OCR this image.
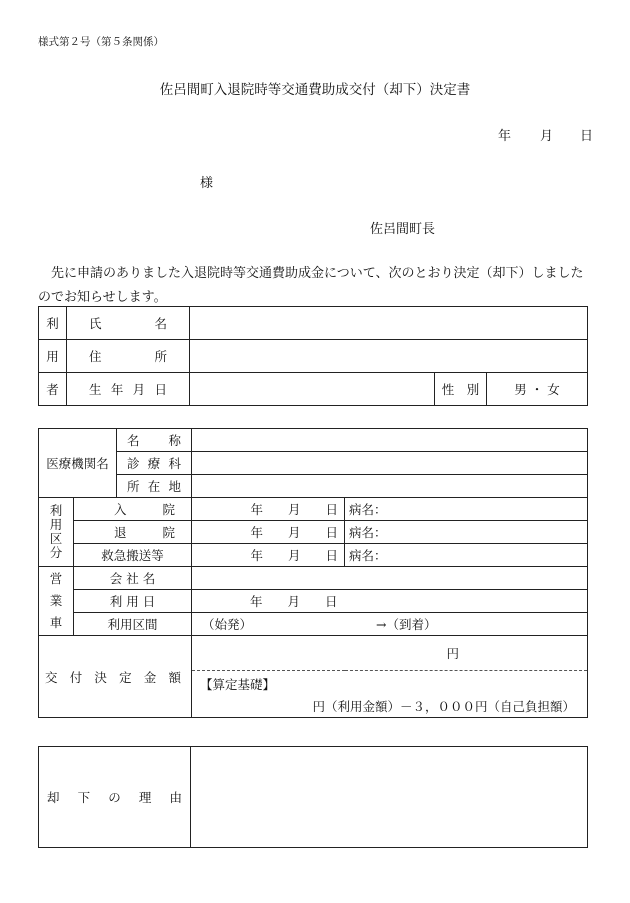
様式第２号（第５条関係）
佐呂間町入退院時等交通費助成交付（却下）決定書
年 月 日
様
佐呂間町長
　先に申請のありました入退院時等交通費助成金について、次のとおり決定（却下）しました
のでお知らせします。
利	氏　　名			
用	住　　所			
者	生 年 月 日		性　別	男 ・ 女
医療機関名		名　　称		
		診 療 科		
		所 在 地		

利
用
区
分	入　　院		年　　月　　日	病名：
	退　　院		年　　月　　日	病名：
	救急搬送等		年　　月　　日	病名：

営
業
車	会 社 名			
	利 用 日		年　　月　　日	
	利用区間		（始発） →（到着）	
交 付 決 定 金 額			円	

			【算定基礎】
円（利用金額）－３，０００円（自己負担額）	
却　下　の　理　由	
